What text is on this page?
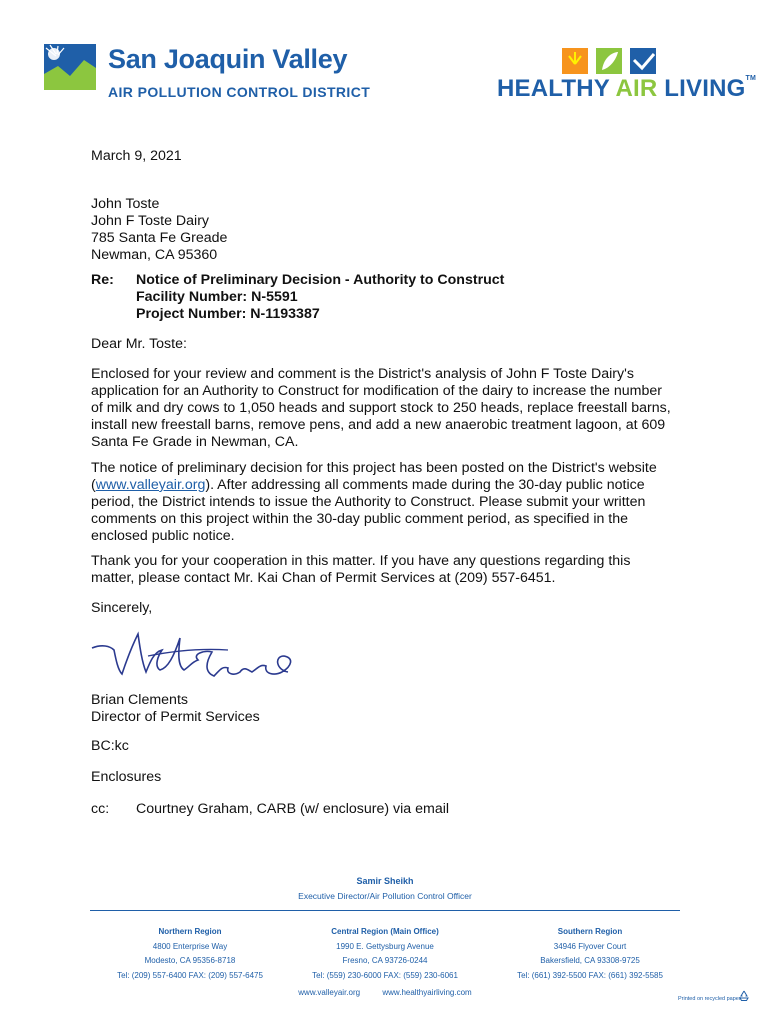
San Joaquin Valley
AIR POLLUTION CONTROL DISTRICT	HEALTHY AIR LIVING™
March 9, 2021
John Toste
John F Toste Dairy
785 Santa Fe Greade
Newman, CA 95360
Re: Notice of Preliminary Decision - Authority to Construct
Facility Number: N-5591
Project Number: N-1193387
Dear Mr. Toste:
Enclosed for your review and comment is the District's analysis of John F Toste Dairy's application for an Authority to Construct for modification of the dairy to increase the number of milk and dry cows to 1,050 heads and support stock to 250 heads, replace freestall barns, install new freestall barns, remove pens, and add a new anaerobic treatment lagoon, at 609 Santa Fe Grade in Newman, CA.
The notice of preliminary decision for this project has been posted on the District's website (www.valleyair.org). After addressing all comments made during the 30-day public notice period, the District intends to issue the Authority to Construct. Please submit your written comments on this project within the 30-day public comment period, as specified in the enclosed public notice.
Thank you for your cooperation in this matter. If you have any questions regarding this matter, please contact Mr. Kai Chan of Permit Services at (209) 557-6451.
Sincerely,
Brian Clements
Director of Permit Services
BC:kc
Enclosures
cc: Courtney Graham, CARB (w/ enclosure) via email
Samir Sheikh
Executive Director/Air Pollution Control Officer
Northern Region
4800 Enterprise Way
Modesto, CA 95356-8718
Tel: (209) 557-6400 FAX: (209) 557-6475
Central Region (Main Office)
1990 E. Gettysburg Avenue
Fresno, CA 93726-0244
Tel: (559) 230-6000 FAX: (559) 230-6061
Southern Region
34946 Flyover Court
Bakersfield, CA 93308-9725
Tel: (661) 392-5500 FAX: (661) 392-5585
www.valleyair.org	www.healthyairliving.com
Printed on recycled paper.
